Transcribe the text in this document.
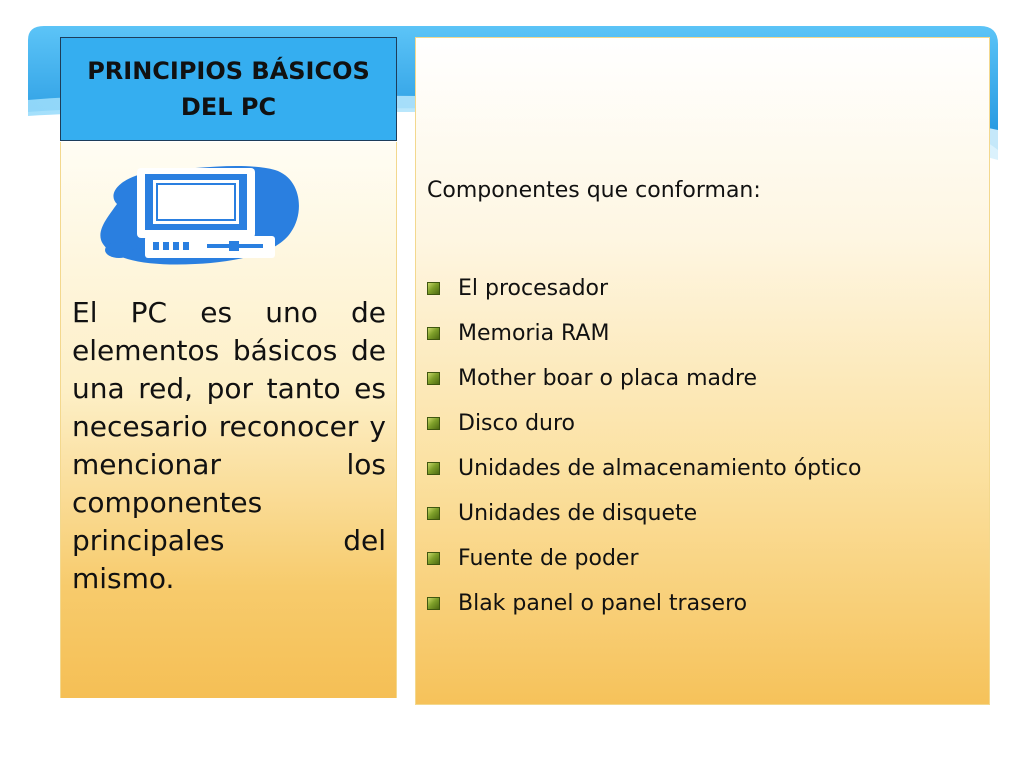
PRINCIPIOS BÁSICOS
DEL PC
El PC es uno de elementos básicos de una red, por tanto es necesario reconocer y mencionar los componentes principales del mismo.
Componentes que conforman:
El procesador
Memoria RAM
Mother boar o placa madre
Disco duro
Unidades de almacenamiento óptico
Unidades de disquete
Fuente de poder
Blak panel o panel trasero
